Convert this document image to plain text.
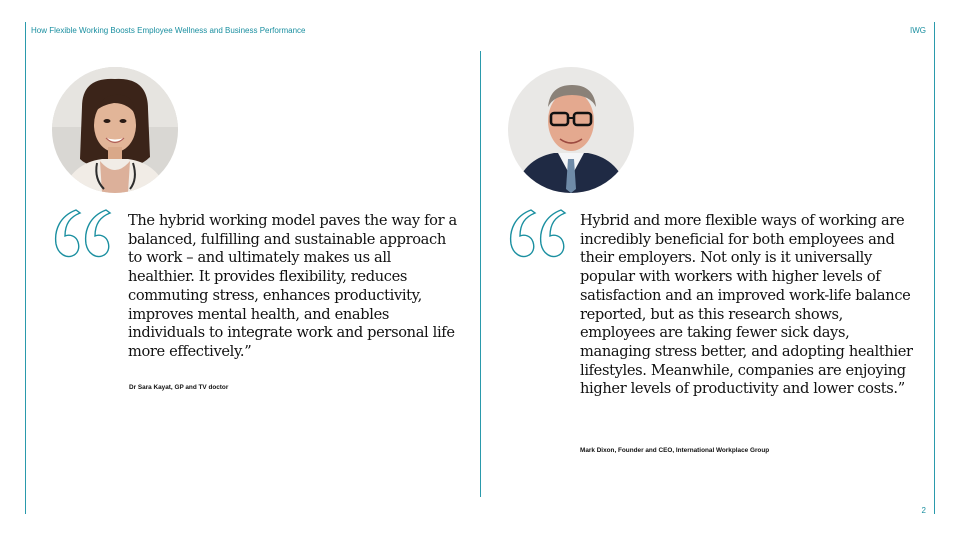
How Flexible Working Boosts Employee Wellness and Business Performance	IWG

The hybrid working model paves the way for a balanced, fulfilling and sustainable approach to work – and ultimately makes us all healthier. It provides flexibility, reduces commuting stress, enhances productivity, improves mental health, and enables individuals to integrate work and personal life more effectively.”

Dr Sara Kayat, GP and TV doctor

Hybrid and more flexible ways of working are incredibly beneficial for both employees and their employers. Not only is it universally popular with workers with higher levels of satisfaction and an improved work-life balance reported, but as this research shows, employees are taking fewer sick days, managing stress better, and adopting healthier lifestyles. Meanwhile, companies are enjoying higher levels of productivity and lower costs.”

Mark Dixon, Founder and CEO, International Workplace Group
2
